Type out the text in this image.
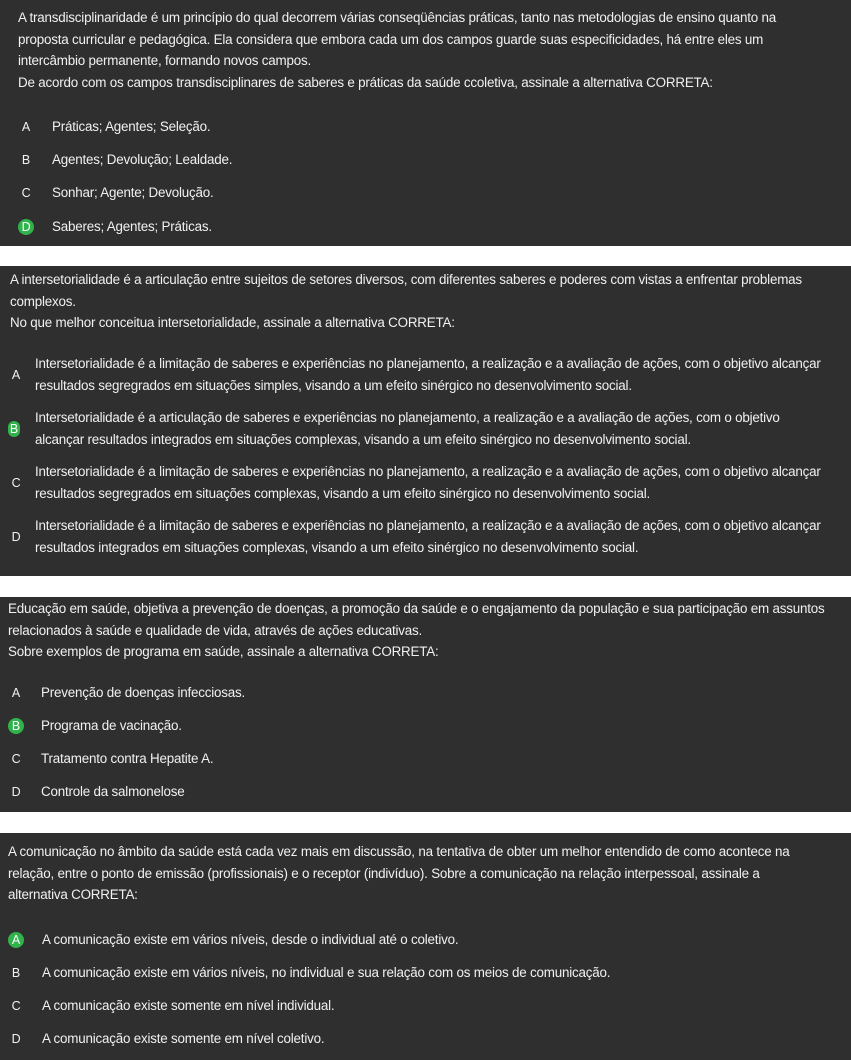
A transdisciplinaridade é um princípio do qual decorrem várias conseqüências práticas, tanto nas metodologias de ensino quanto na
proposta curricular e pedagógica. Ela considera que embora cada um dos campos guarde suas especificidades, há entre eles um
intercâmbio permanente, formando novos campos.
De acordo com os campos transdisciplinares de saberes e práticas da saúde ccoletiva, assinale a alternativa CORRETA:
A Práticas; Agentes; Seleção.
B Agentes; Devolução; Lealdade.
C Sonhar; Agente; Devolução.
D Saberes; Agentes; Práticas.
A intersetorialidade é a articulação entre sujeitos de setores diversos, com diferentes saberes e poderes com vistas a enfrentar problemas
complexos.
No que melhor conceitua intersetorialidade, assinale a alternativa CORRETA:
A
Intersetorialidade é a limitação de saberes e experiências no planejamento, a realização e a avaliação de ações, com o objetivo alcançar
resultados segregrados em situações simples, visando a um efeito sinérgico no desenvolvimento social.
B
Intersetorialidade é a articulação de saberes e experiências no planejamento, a realização e a avaliação de ações, com o objetivo
alcançar resultados integrados em situações complexas, visando a um efeito sinérgico no desenvolvimento social.
C
Intersetorialidade é a limitação de saberes e experiências no planejamento, a realização e a avaliação de ações, com o objetivo alcançar
resultados segregrados em situações complexas, visando a um efeito sinérgico no desenvolvimento social.
D
Intersetorialidade é a limitação de saberes e experiências no planejamento, a realização e a avaliação de ações, com o objetivo alcançar
resultados integrados em situações complexas, visando a um efeito sinérgico no desenvolvimento social.
Educação em saúde, objetiva a prevenção de doenças, a promoção da saúde e o engajamento da população e sua participação em assuntos
relacionados à saúde e qualidade de vida, através de ações educativas.
Sobre exemplos de programa em saúde, assinale a alternativa CORRETA:
A Prevenção de doenças infecciosas.
B Programa de vacinação.
C Tratamento contra Hepatite A.
D Controle da salmonelose
A comunicação no âmbito da saúde está cada vez mais em discussão, na tentativa de obter um melhor entendido de como acontece na
relação, entre o ponto de emissão (profissionais) e o receptor (indivíduo). Sobre a comunicação na relação interpessoal, assinale a
alternativa CORRETA:
A A comunicação existe em vários níveis, desde o individual até o coletivo.
B A comunicação existe em vários níveis, no individual e sua relação com os meios de comunicação.
C A comunicação existe somente em nível individual.
D A comunicação existe somente em nível coletivo.
